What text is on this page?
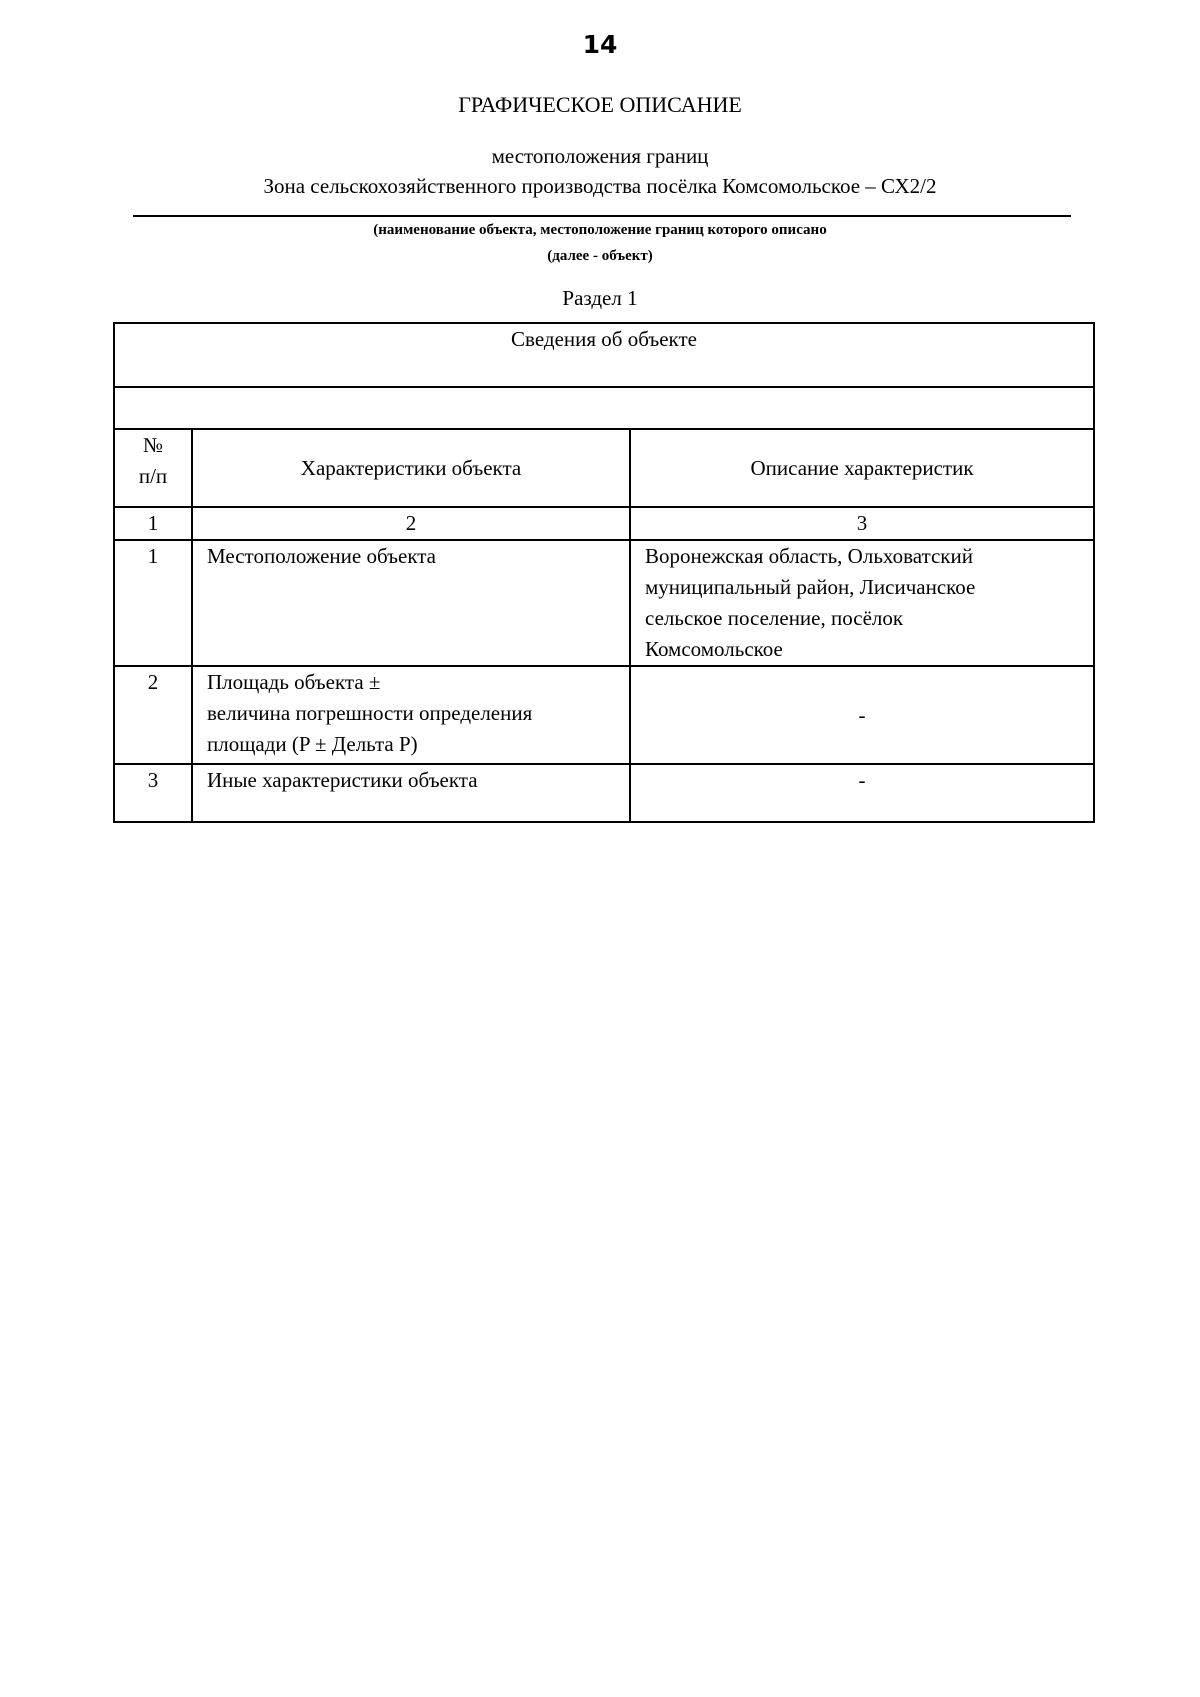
14
ГРАФИЧЕСКОЕ ОПИСАНИЕ
местоположения границ
Зона сельскохозяйственного производства посёлка Комсомольское – СХ2/2
(наименование объекта, местоположение границ которого описано
(далее - объект)
Раздел 1
Сведения об объекте		

№
п/п	Характеристики объекта	Описание характеристик
1	2	3
1	Местоположение объекта	Воронежская область, Ольховатский
муниципальный район, Лисичанское
сельское поселение, посёлок
Комсомольское

2	Площадь объекта ±
величина погрешности определения
площади (P ± Дельта P)	-
3	Иные характеристики объекта	-
